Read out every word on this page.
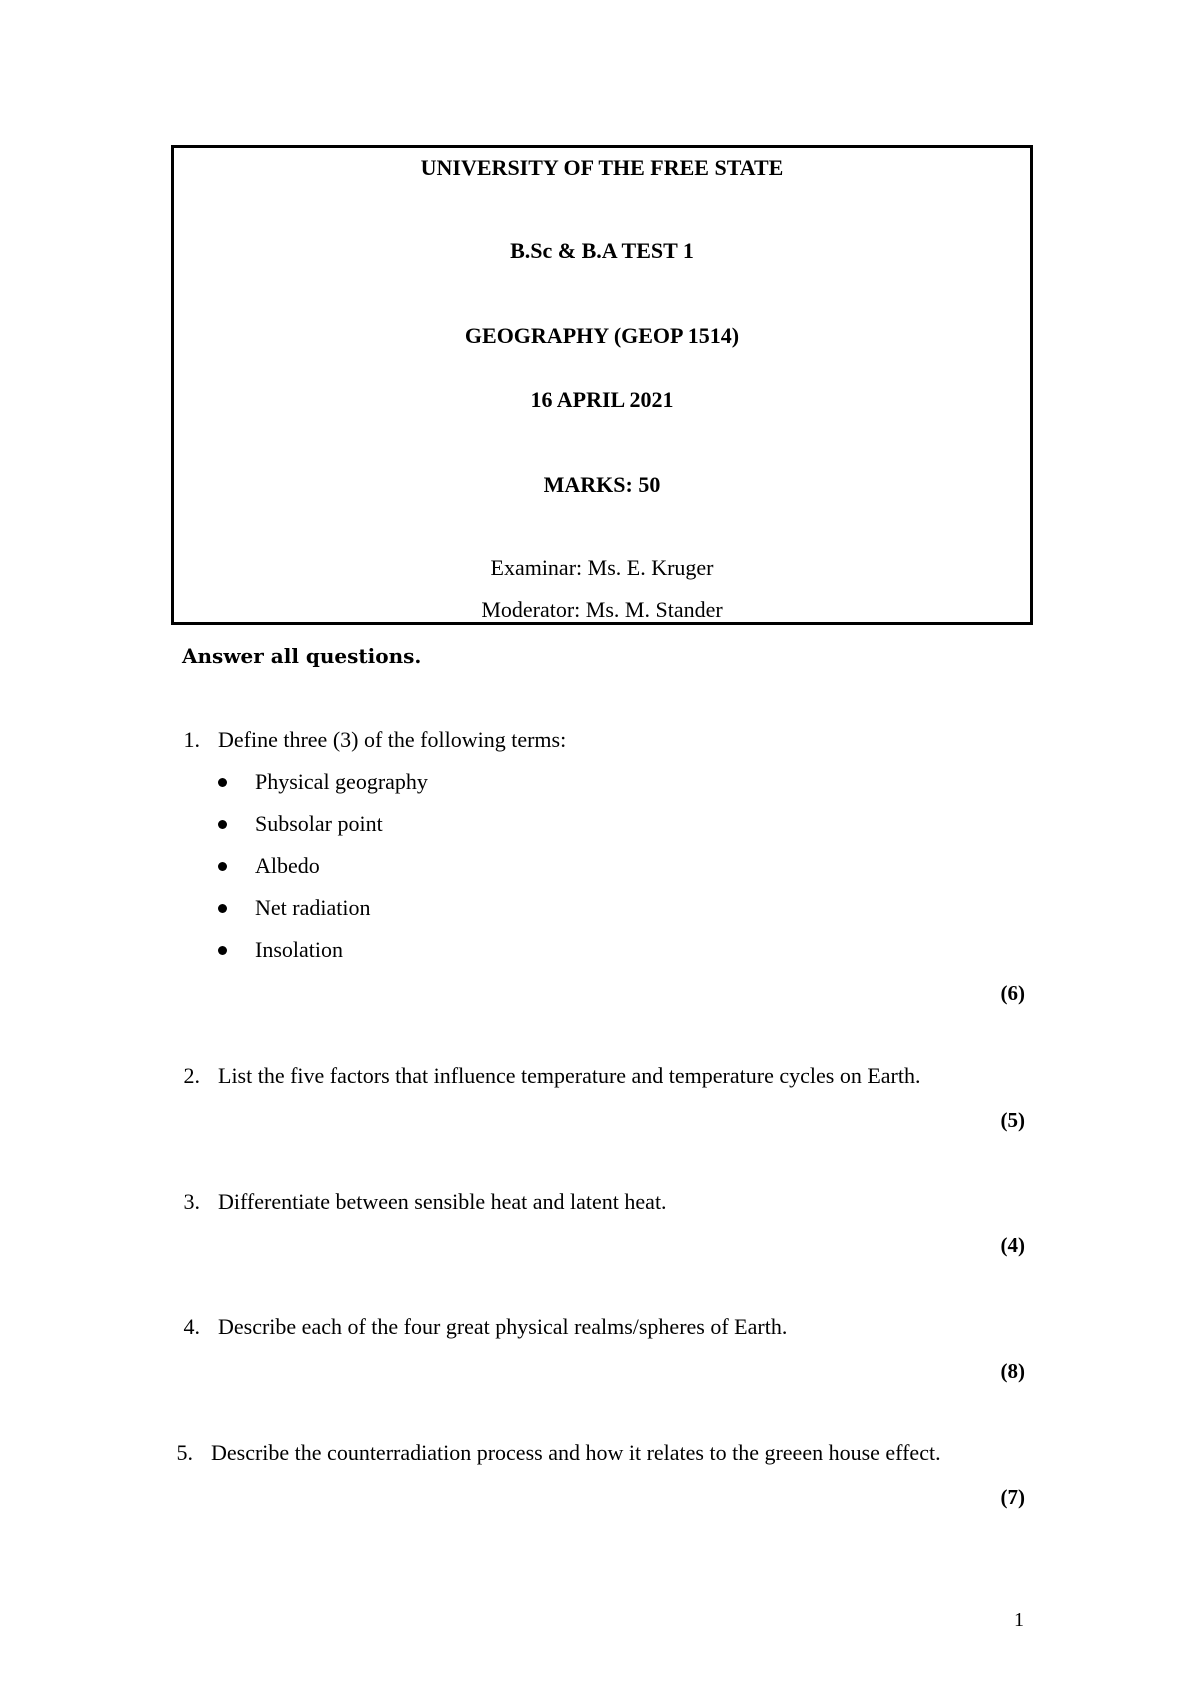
UNIVERSITY OF THE FREE STATE
B.Sc & B.A TEST 1
GEOGRAPHY (GEOP 1514)
16 APRIL 2021
MARKS: 50
Examinar: Ms. E. Kruger
Moderator: Ms. M. Stander
Answer all questions.
1. Define three (3) of the following terms:
Physical geography
Subsolar point
Albedo
Net radiation
Insolation
(6)
2. List the five factors that influence temperature and temperature cycles on Earth.
(5)
3. Differentiate between sensible heat and latent heat.
(4)
4. Describe each of the four great physical realms/spheres of Earth.
(8)
5. Describe the counterradiation process and how it relates to the greeen house effect.
(7)
1
